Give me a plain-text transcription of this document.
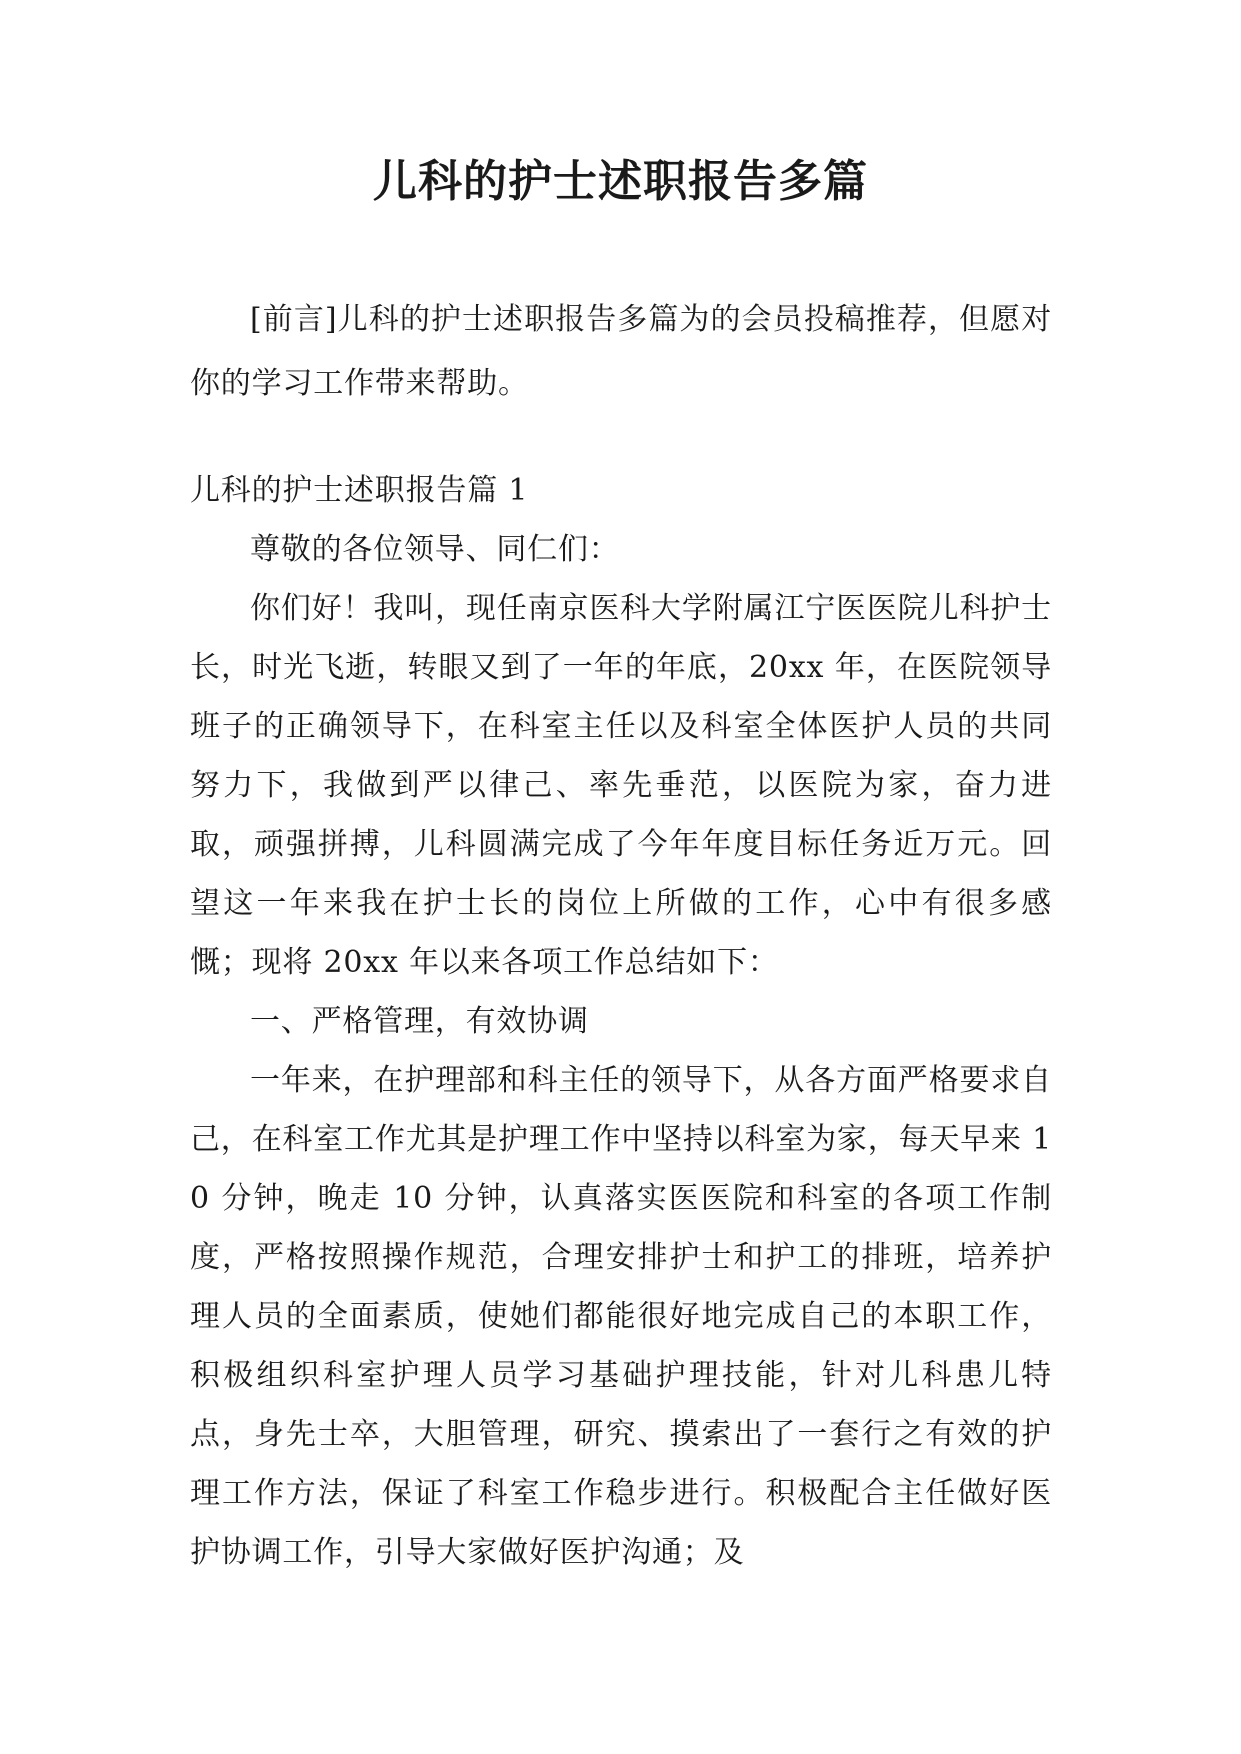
儿科的护士述职报告多篇

[前言]儿科的护士述职报告多篇为的会员投稿推荐，但愿对你的学习工作带来帮助。

儿科的护士述职报告篇 1

尊敬的各位领导、同仁们：

你们好！我叫，现任南京医科大学附属江宁医医院儿科护士长，时光飞逝，转眼又到了一年的年底，20xx 年，在医院领导班子的正确领导下，在科室主任以及科室全体医护人员的共同努力下，我做到严以律己、率先垂范，以医院为家，奋力进取，顽强拼搏，儿科圆满完成了今年年度目标任务近万元。回望这一年来我在护士长的岗位上所做的工作，心中有很多感慨；现将 20xx 年以来各项工作总结如下：

一、严格管理，有效协调

一年来，在护理部和科主任的领导下，从各方面严格要求自己，在科室工作尤其是护理工作中坚持以科室为家，每天早来 10 分钟，晚走 10 分钟，认真落实医医院和科室的各项工作制度，严格按照操作规范，合理安排护士和护工的排班，培养护理人员的全面素质，使她们都能很好地完成自己的本职工作，积极组织科室护理人员学习基础护理技能，针对儿科患儿特点，身先士卒，大胆管理，研究、摸索出了一套行之有效的护理工作方法，保证了科室工作稳步进行。积极配合主任做好医护协调工作，引导大家做好医护沟通；及
